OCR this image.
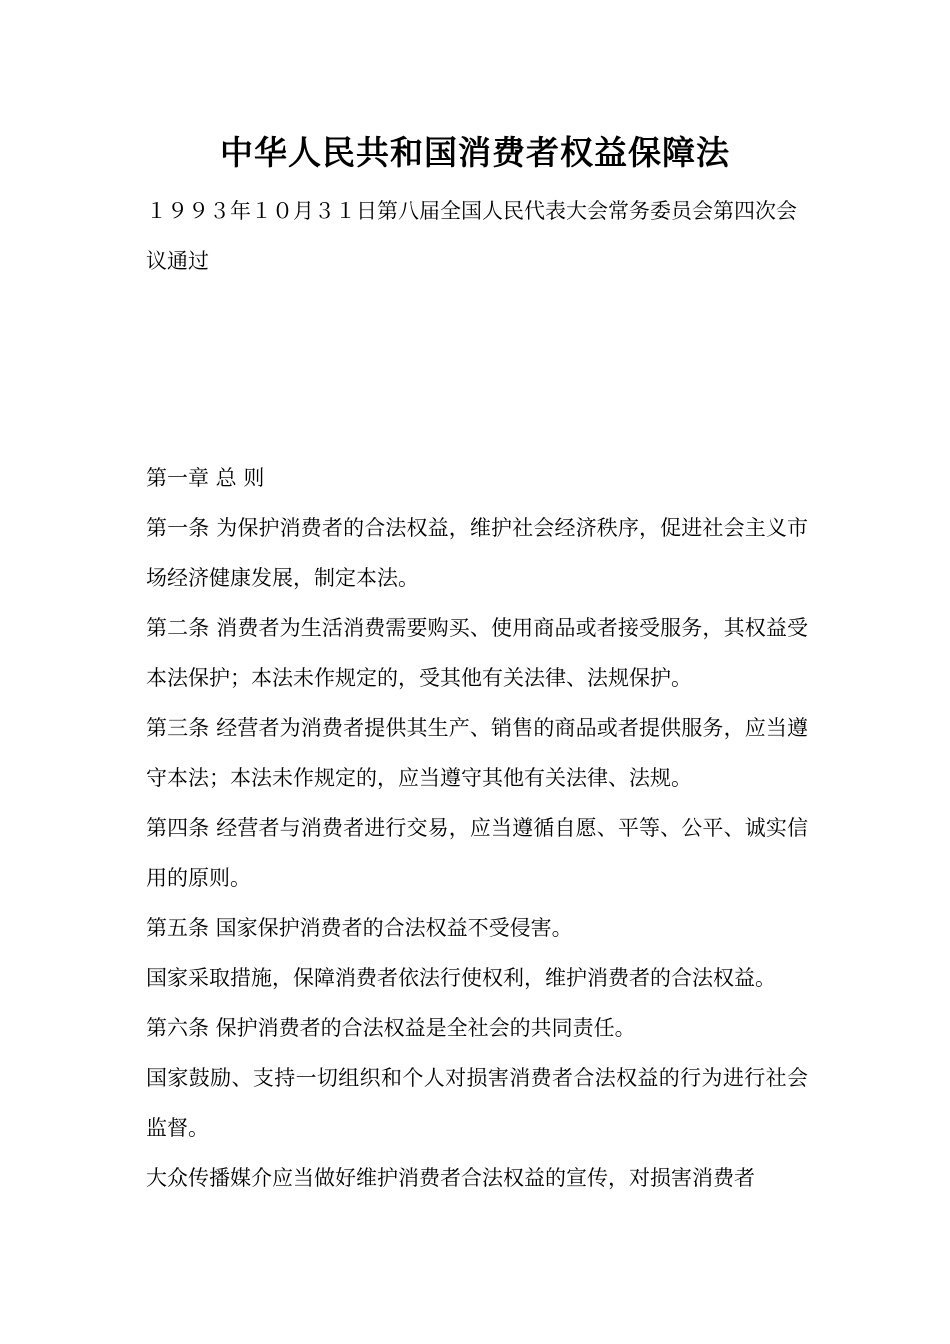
中华人民共和国消费者权益保障法

１９９３年１０月３１日第八届全国人民代表大会常务委员会第四次会议通过

第一章 总 则

第一条 为保护消费者的合法权益，维护社会经济秩序，促进社会主义市场经济健康发展，制定本法。

第二条 消费者为生活消费需要购买、使用商品或者接受服务，其权益受本法保护；本法未作规定的，受其他有关法律、法规保护。

第三条 经营者为消费者提供其生产、销售的商品或者提供服务，应当遵守本法；本法未作规定的，应当遵守其他有关法律、法规。

第四条 经营者与消费者进行交易，应当遵循自愿、平等、公平、诚实信用的原则。

第五条 国家保护消费者的合法权益不受侵害。

国家采取措施，保障消费者依法行使权利，维护消费者的合法权益。

第六条 保护消费者的合法权益是全社会的共同责任。

国家鼓励、支持一切组织和个人对损害消费者合法权益的行为进行社会监督。

大众传播媒介应当做好维护消费者合法权益的宣传，对损害消费者
